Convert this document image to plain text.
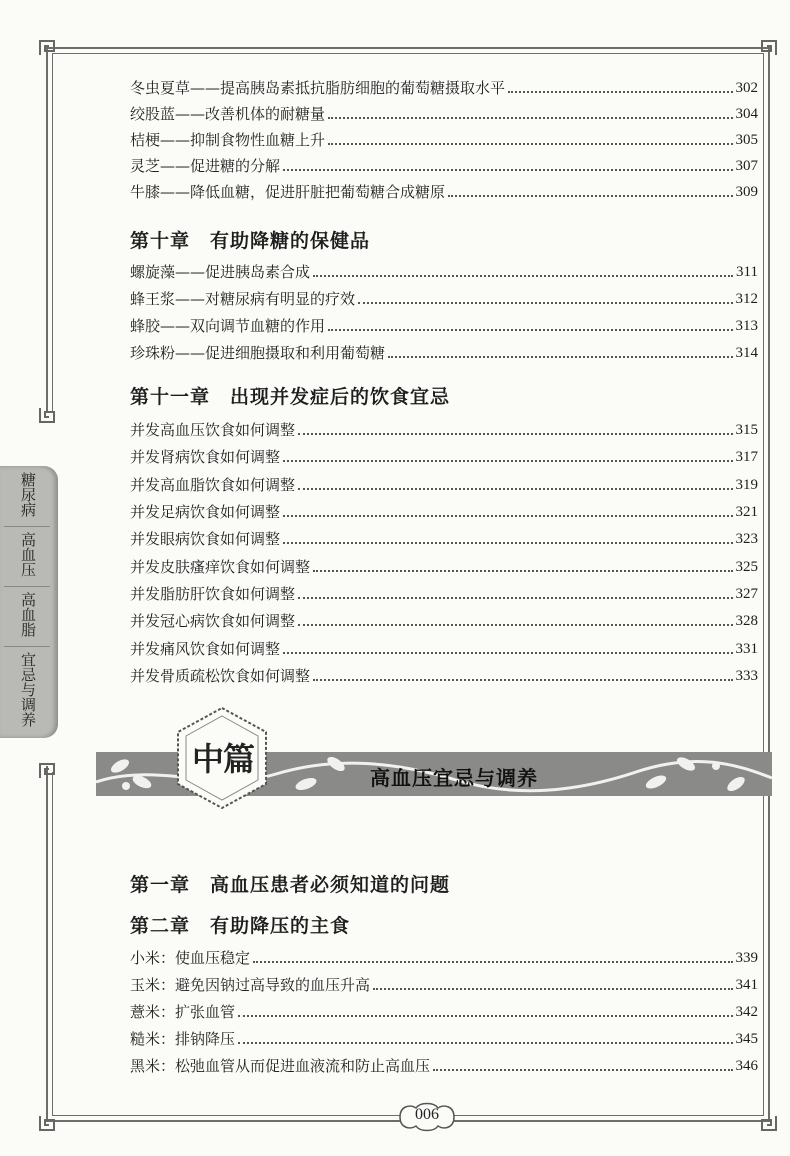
冬虫夏草——提高胰岛素抵抗脂肪细胞的葡萄糖摄取水平	302
绞股蓝——改善机体的耐糖量	304
桔梗——抑制食物性血糖上升	305
灵芝——促进糖的分解	307
牛膝——降低血糖，促进肝脏把葡萄糖合成糖原	309
第十章　有助降糖的保健品
螺旋藻——促进胰岛素合成	311
蜂王浆——对糖尿病有明显的疗效	312
蜂胶——双向调节血糖的作用	313
珍珠粉——促进细胞摄取和利用葡萄糖	314
第十一章　出现并发症后的饮食宜忌
并发高血压饮食如何调整	315
并发肾病饮食如何调整	317
并发高血脂饮食如何调整	319
并发足病饮食如何调整	321
并发眼病饮食如何调整	323
并发皮肤瘙痒饮食如何调整	325
并发脂肪肝饮食如何调整	327
并发冠心病饮食如何调整	328
并发痛风饮食如何调整	331
并发骨质疏松饮食如何调整	333
糖尿病
高血压
高血脂
宜忌与调养
中篇	高血压宜忌与调养
第一章　高血压患者必须知道的问题
第二章　有助降压的主食
小米：使血压稳定	339
玉米：避免因钠过高导致的血压升高	341
薏米：扩张血管	342
糙米：排钠降压	345
黑米：松弛血管从而促进血液流和防止高血压	346
006
